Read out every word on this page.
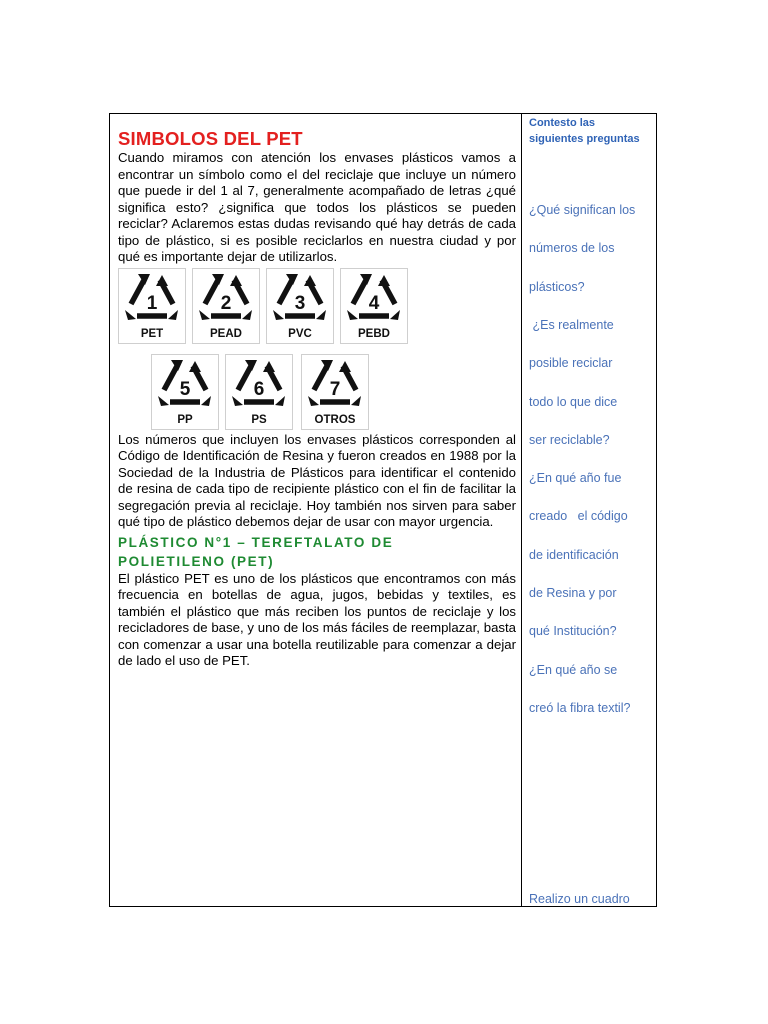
SIMBOLOS DEL PET

Cuando miramos con atención los envases plásticos vamos a encontrar un símbolo como el del reciclaje que incluye un número que puede ir del 1 al 7, generalmente acompañado de letras ¿qué significa esto? ¿significa que todos los plásticos se pueden reciclar? Aclaremos estas dudas revisando qué hay detrás de cada tipo de plástico, si es posible reciclarlos en nuestra ciudad y por qué es importante dejar de utilizarlos.

1
PET
2
PEAD
3
PVC
4
PEBD
5
PP
6
PS
7
OTROS

Los números que incluyen los envases plásticos corresponden al Código de Identificación de Resina y fueron creados en 1988 por la Sociedad de la Industria de Plásticos para identificar el contenido de resina de cada tipo de recipiente plástico con el fin de facilitar la segregación previa al reciclaje. Hoy también nos sirven para saber qué tipo de plástico debemos dejar de usar con mayor urgencia.

PLÁSTICO N°1 – TEREFTALATO DE
POLIETILENO (PET)

El plástico PET es uno de los plásticos que encontramos con más frecuencia en botellas de agua, jugos, bebidas y textiles, es también el plástico que más reciben los puntos de reciclaje y los recicladores de base, y uno de los más fáciles de reemplazar, basta con comenzar a usar una botella reutilizable para comenzar a dejar de lado el uso de PET.

Contesto las
siguientes preguntas
¿Qué significan los
números de los
plásticos?
¿Es realmente
posible reciclar
todo lo que dice
ser reciclable?
¿En qué año fue
creado   el código
de identificación
de Resina y por
qué Institución?
¿En qué año se
creó la fibra textil?
Realizo un cuadro
